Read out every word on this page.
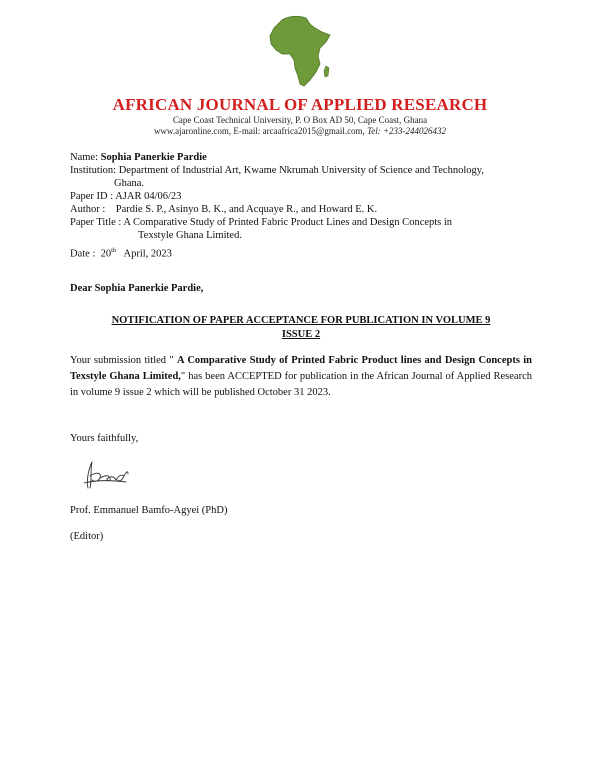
AFRICAN JOURNAL OF APPLIED RESEARCH
Cape Coast Technical University, P. O Box AD 50, Cape Coast, Ghana
www.ajaronline.com, E-mail: arcaafrica2015@gmail.com, Tel: +233-244026432
Name: Sophia Panerkie Pardie
Institution: Department of Industrial Art, Kwame Nkrumah University of Science and Technology,
Ghana.
Paper ID : AJAR 04/06/23
Author : Pardie S. P., Asinyo B. K., and Acquaye R., and Howard E. K.
Paper Title : A Comparative Study of Printed Fabric Product Lines and Design Concepts in
Texstyle Ghana Limited.
Date : 20th April, 2023
Dear Sophia Panerkie Pardie,
NOTIFICATION OF PAPER ACCEPTANCE FOR PUBLICATION IN VOLUME 9
ISSUE 2
Your submission titled " A Comparative Study of Printed Fabric Product lines and Design Concepts in Texstyle Ghana Limited," has been ACCEPTED for publication in the African Journal of Applied Research in volume 9 issue 2 which will be published October 31 2023.
Yours faithfully,
Prof. Emmanuel Bamfo-Agyei (PhD)
(Editor)
